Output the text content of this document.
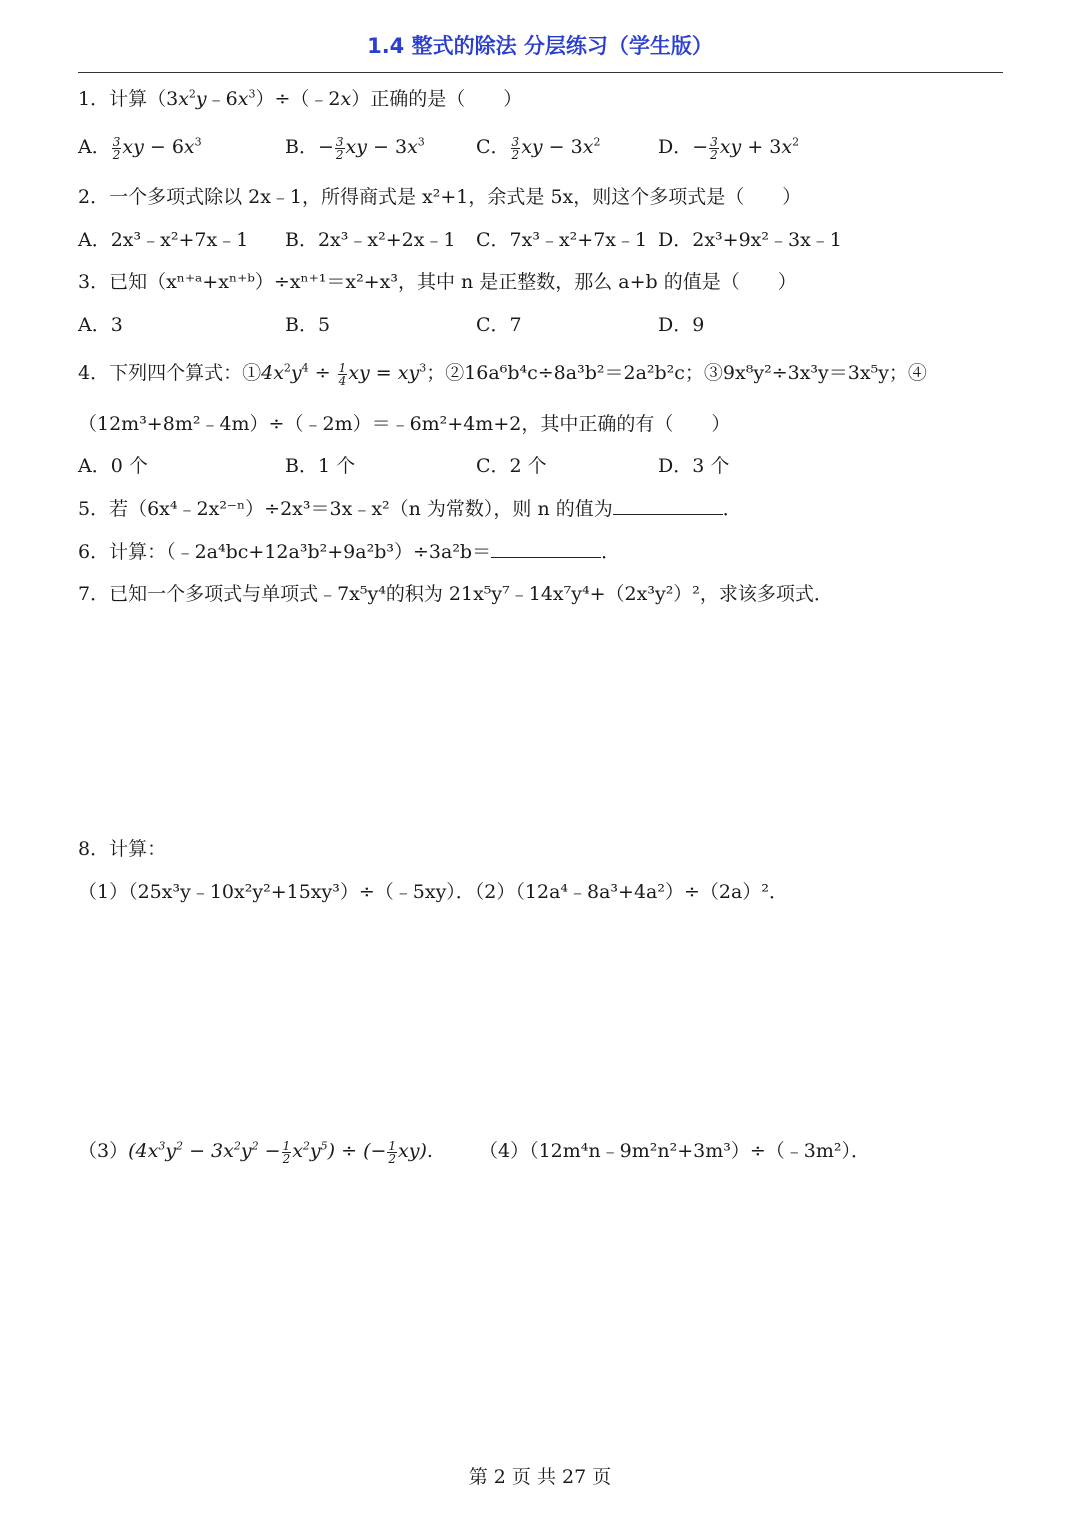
1.4 整式的除法 分层练习（学生版）
1．计算$(3x^2y﹣6x^3)\div(﹣2x)$正确的是（　　）
A． $\frac{3}{2}$ xy − $6x^3$	B．− $\frac{3}{2}$ xy − $3x^3$	C． $\frac{3}{2}$ xy − $3x^2$	D．− $\frac{3}{2}$ xy + $3x^2$
2．一个多项式除以 2x﹣1，所得商式是 x²+1，余式是 5x，则这个多项式是（　　）
A．2x³﹣x²+7x﹣1 B．2x³﹣x²+2x﹣1 C．7x³﹣x²+7x﹣1 D．2x³+9x²﹣3x﹣1
3．已知（xⁿ⁺ᵃ+xⁿ⁺ᵇ）÷xⁿ⁺¹＝x²+x³，其中 n 是正整数，那么 a+b 的值是（　　）
A．3	B．5	C．7	D．9
4．下列四个算式：$①4x^2y^4 \div \frac{1}{4}$ xy = $xy^3$；②16a⁶b⁴c÷8a³b²＝2a²b²c；③9x⁸y²÷3x³y＝3x⁵y；④
（12m³+8m²﹣4m）÷（﹣2m）＝﹣6m²+4m+2，其中正确的有（　　）
A．0 个	B．1 个	C．2 个	D．3 个
5．若（6x⁴﹣2x²⁻ⁿ）÷2x³＝3x﹣x²（n 为常数），则 n 的值为	．
6．计算：（﹣2a⁴bc+12a³b²+9a²b³）÷3a²b＝	．
7．已知一个多项式与单项式﹣7x⁵y⁴的积为 21x⁵y⁷﹣14x⁷y⁴+（2x³y²）²，求该多项式．
8．计算：
（1）（25x³y﹣10x²y²+15xy³）÷（﹣5xy）．（2）（12a⁴﹣8a³+4a²）÷（2a）²．
$(3)(4x^3y^2 - 3x^2y^2 - \frac{1}{2} x^2y^5)$ ÷ (− $\frac{1}{2} xy$). （4）（12m⁴n﹣9m²n²+3m³）÷（﹣3m²）．
第 2 页 共 27 页
